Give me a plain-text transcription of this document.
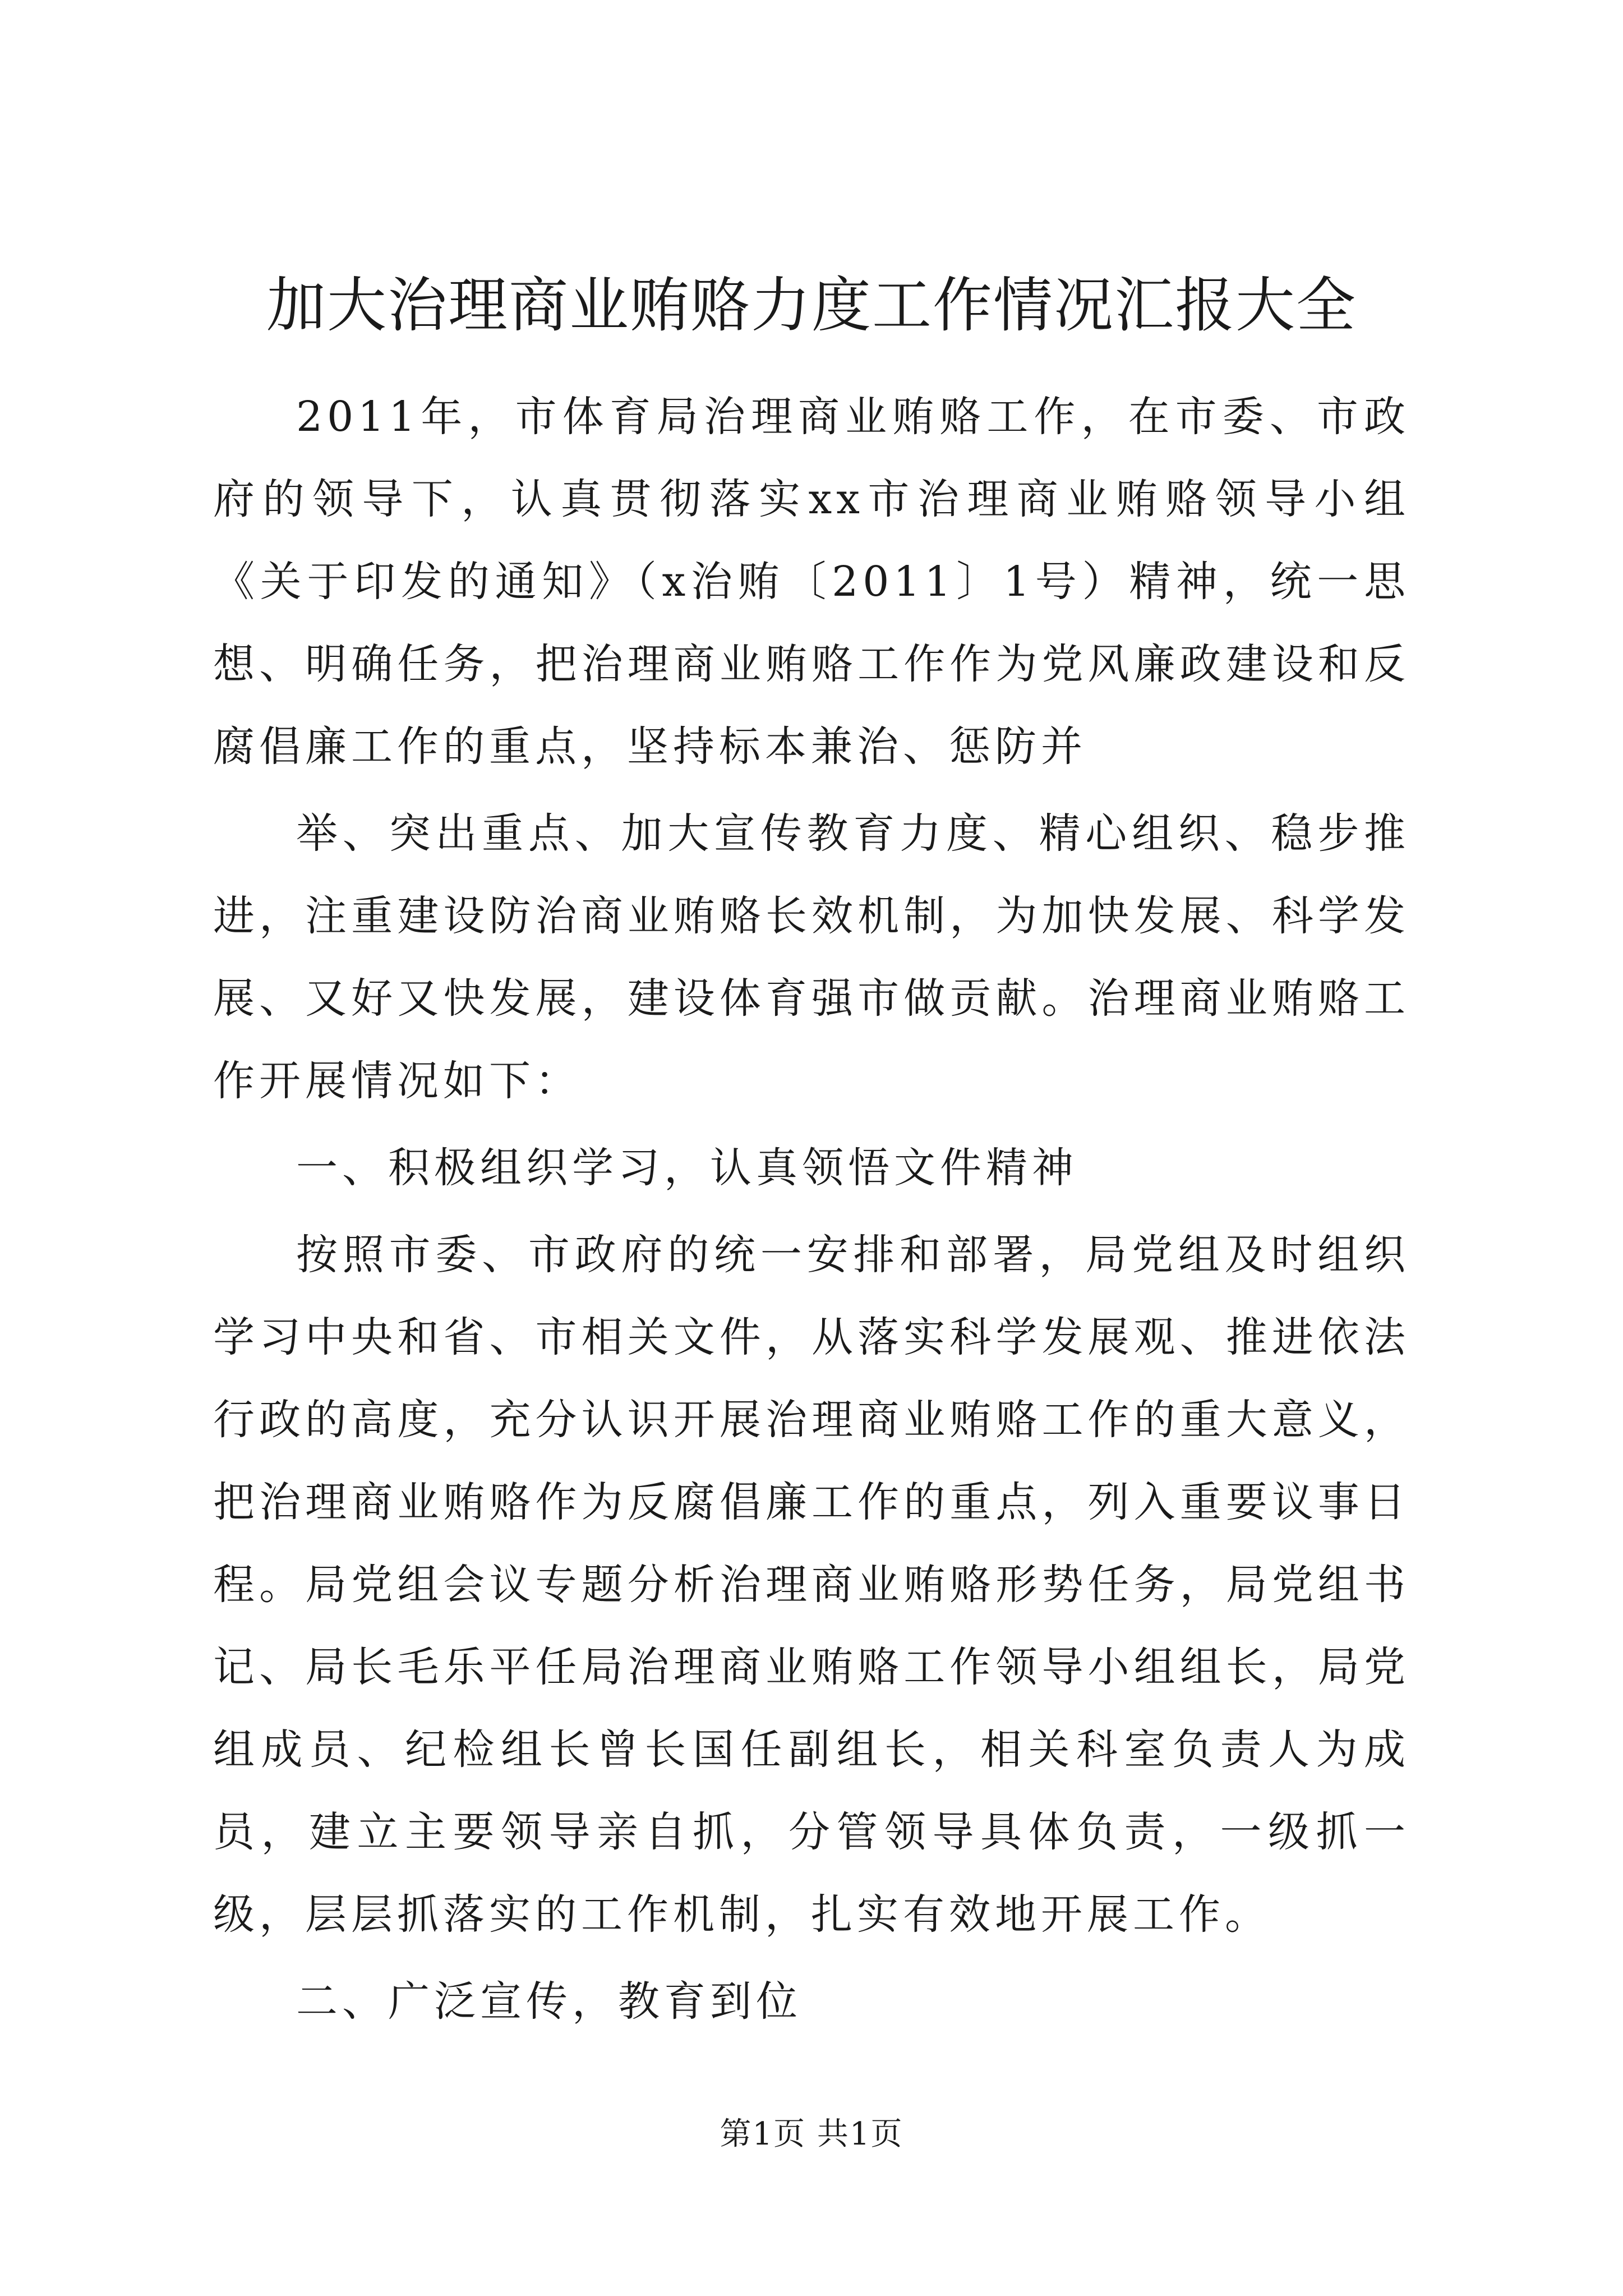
加大治理商业贿赂力度工作情况汇报大全

2011年，市体育局治理商业贿赂工作，在市委、市政府的领导下，认真贯彻落实xx市治理商业贿赂领导小组《关于印发的通知》（x治贿〔2011〕1号）精神，统一思想、明确任务，把治理商业贿赂工作作为党风廉政建设和反腐倡廉工作的重点，坚持标本兼治、惩防并

举、突出重点、加大宣传教育力度、精心组织、稳步推进，注重建设防治商业贿赂长效机制，为加快发展、科学发展、又好又快发展，建设体育强市做贡献。治理商业贿赂工作开展情况如下：

一、积极组织学习，认真领悟文件精神

按照市委、市政府的统一安排和部署，局党组及时组织学习中央和省、市相关文件，从落实科学发展观、推进依法行政的高度，充分认识开展治理商业贿赂工作的重大意义，把治理商业贿赂作为反腐倡廉工作的重点，列入重要议事日程。局党组会议专题分析治理商业贿赂形势任务，局党组书记、局长毛乐平任局治理商业贿赂工作领导小组组长，局党组成员、纪检组长曾长国任副组长，相关科室负责人为成员，建立主要领导亲自抓，分管领导具体负责，一级抓一级，层层抓落实的工作机制，扎实有效地开展工作。

二、广泛宣传，教育到位

第1页 共1页
